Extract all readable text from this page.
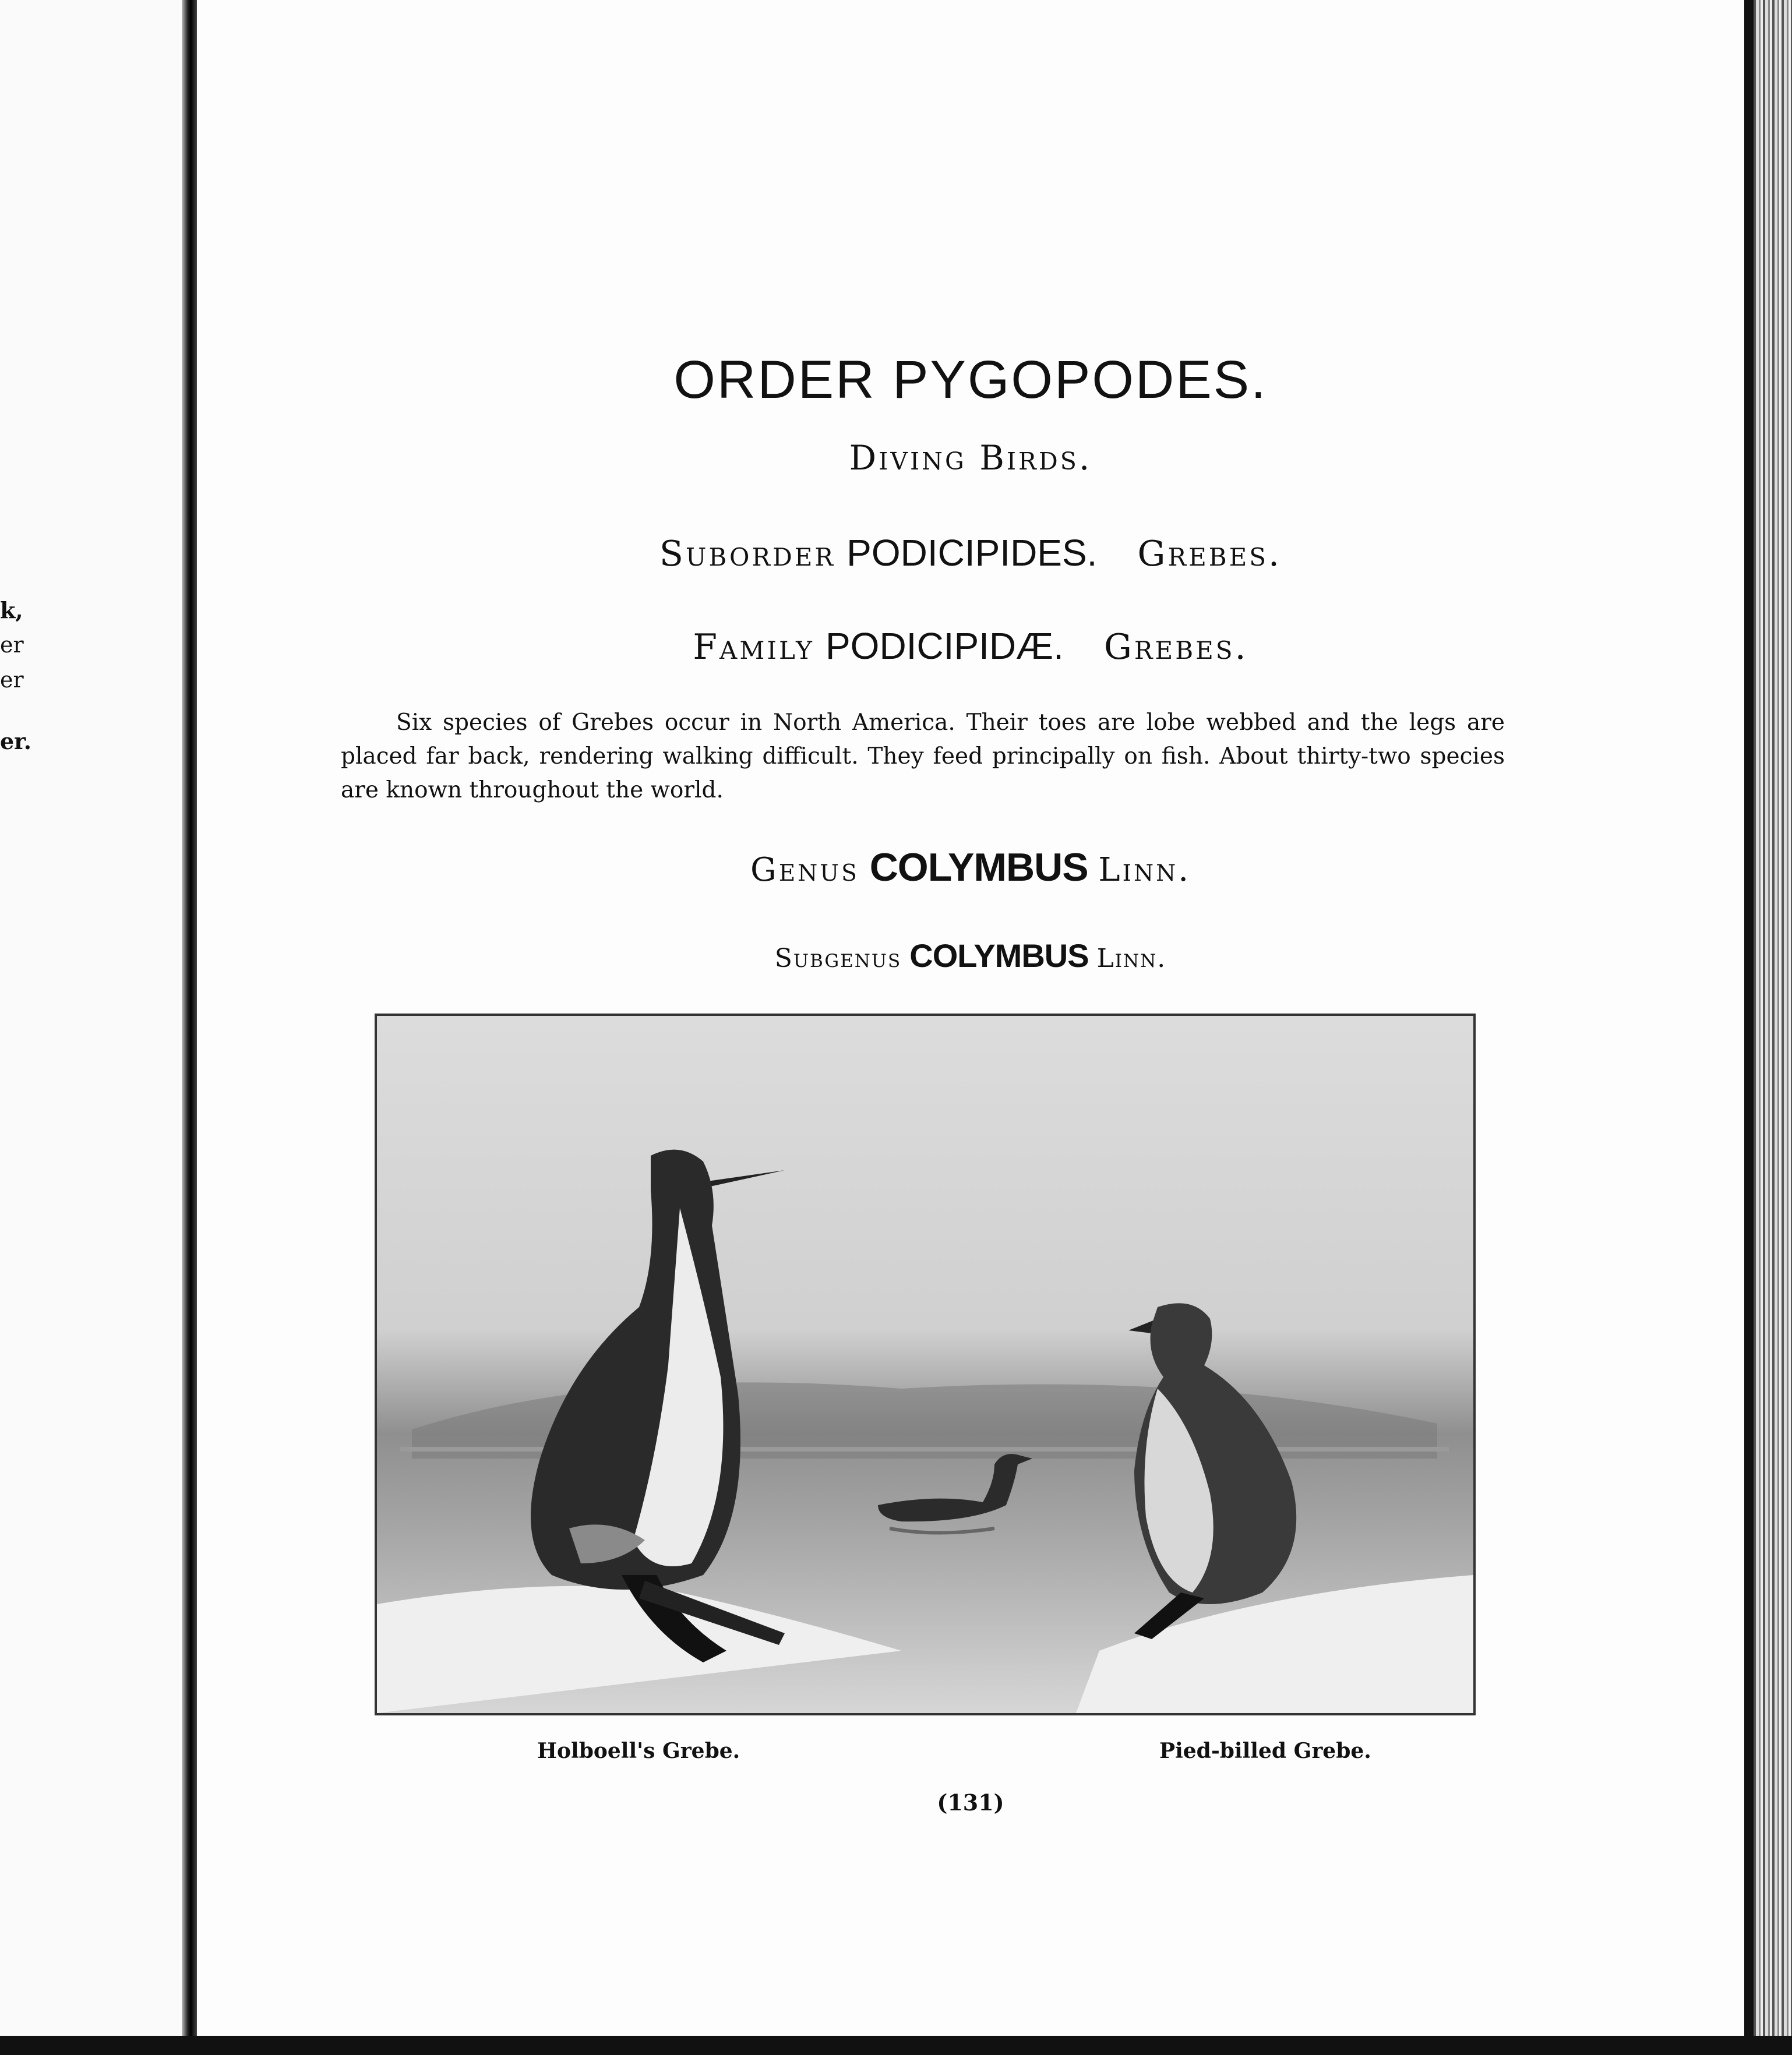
k,
er
er
er.
ORDER PYGOPODES.
Diving Birds.
Suborder PODICIPIDES. Grebes.
Family PODICIPIDÆ. Grebes.
Six species of Grebes occur in North America. Their toes are lobe webbed and the legs are placed far back, rendering walking difficult. They feed principally on fish. About thirty-two species are known throughout the world.
Genus COLYMBUS Linn.
Subgenus COLYMBUS Linn.
Holboell's Grebe.	Pied-billed Grebe.
(131)
